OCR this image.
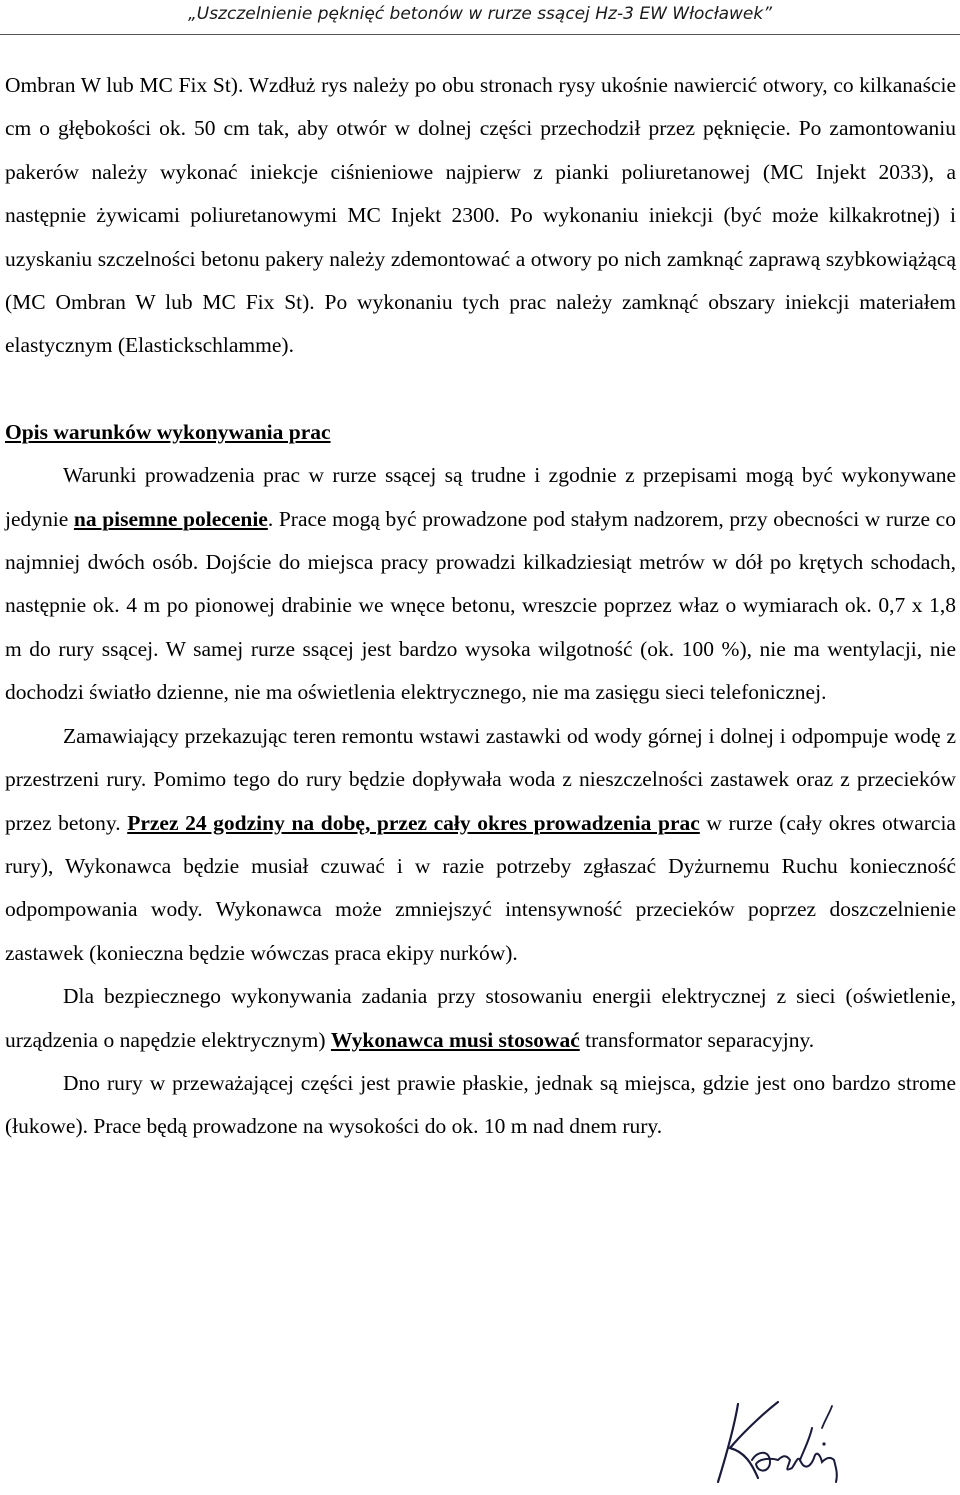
„Uszczelnienie pęknięć betonów w rurze ssącej Hz-3 EW Włocławek”

Ombran W lub MC Fix St). Wzdłuż rys należy po obu stronach rysy ukośnie nawiercić otwory, co kilkanaście cm o głębokości ok. 50 cm tak, aby otwór w dolnej części przechodził przez pęknięcie. Po zamontowaniu pakerów należy wykonać iniekcje ciśnieniowe najpierw z pianki poliuretanowej (MC Injekt 2033), a następnie żywicami poliuretanowymi MC Injekt 2300. Po wykonaniu iniekcji (być może kilkakrotnej) i uzyskaniu szczelności betonu pakery należy zdemontować a otwory po nich zamknąć zaprawą szybkowiążącą (MC Ombran W lub MC Fix St). Po wykonaniu tych prac należy zamknąć obszary iniekcji materiałem elastycznym (Elastickschlamme).

Opis warunków wykonywania prac

Warunki prowadzenia prac w rurze ssącej są trudne i zgodnie z przepisami mogą być wykonywane jedynie na pisemne polecenie. Prace mogą być prowadzone pod stałym nadzorem, przy obecności w rurze co najmniej dwóch osób. Dojście do miejsca pracy prowadzi kilkadziesiąt metrów w dół po krętych schodach, następnie ok. 4 m po pionowej drabinie we wnęce betonu, wreszcie poprzez właz o wymiarach ok. 0,7 x 1,8 m do rury ssącej. W samej rurze ssącej jest bardzo wysoka wilgotność (ok. 100 %), nie ma wentylacji, nie dochodzi światło dzienne, nie ma oświetlenia elektrycznego, nie ma zasięgu sieci telefonicznej.

Zamawiający przekazując teren remontu wstawi zastawki od wody górnej i dolnej i odpompuje wodę z przestrzeni rury. Pomimo tego do rury będzie dopływała woda z nieszczelności zastawek oraz z przecieków przez betony. Przez 24 godziny na dobę, przez cały okres prowadzenia prac w rurze (cały okres otwarcia rury), Wykonawca będzie musiał czuwać i w razie potrzeby zgłaszać Dyżurnemu Ruchu konieczność odpompowania wody. Wykonawca może zmniejszyć intensywność przecieków poprzez doszczelnienie zastawek (konieczna będzie wówczas praca ekipy nurków).

Dla bezpiecznego wykonywania zadania przy stosowaniu energii elektrycznej z sieci (oświetlenie, urządzenia o napędzie elektrycznym) Wykonawca musi stosować transformator separacyjny.

Dno rury w przeważającej części jest prawie płaskie, jednak są miejsca, gdzie jest ono bardzo strome (łukowe). Prace będą prowadzone na wysokości do ok. 10 m nad dnem rury.
